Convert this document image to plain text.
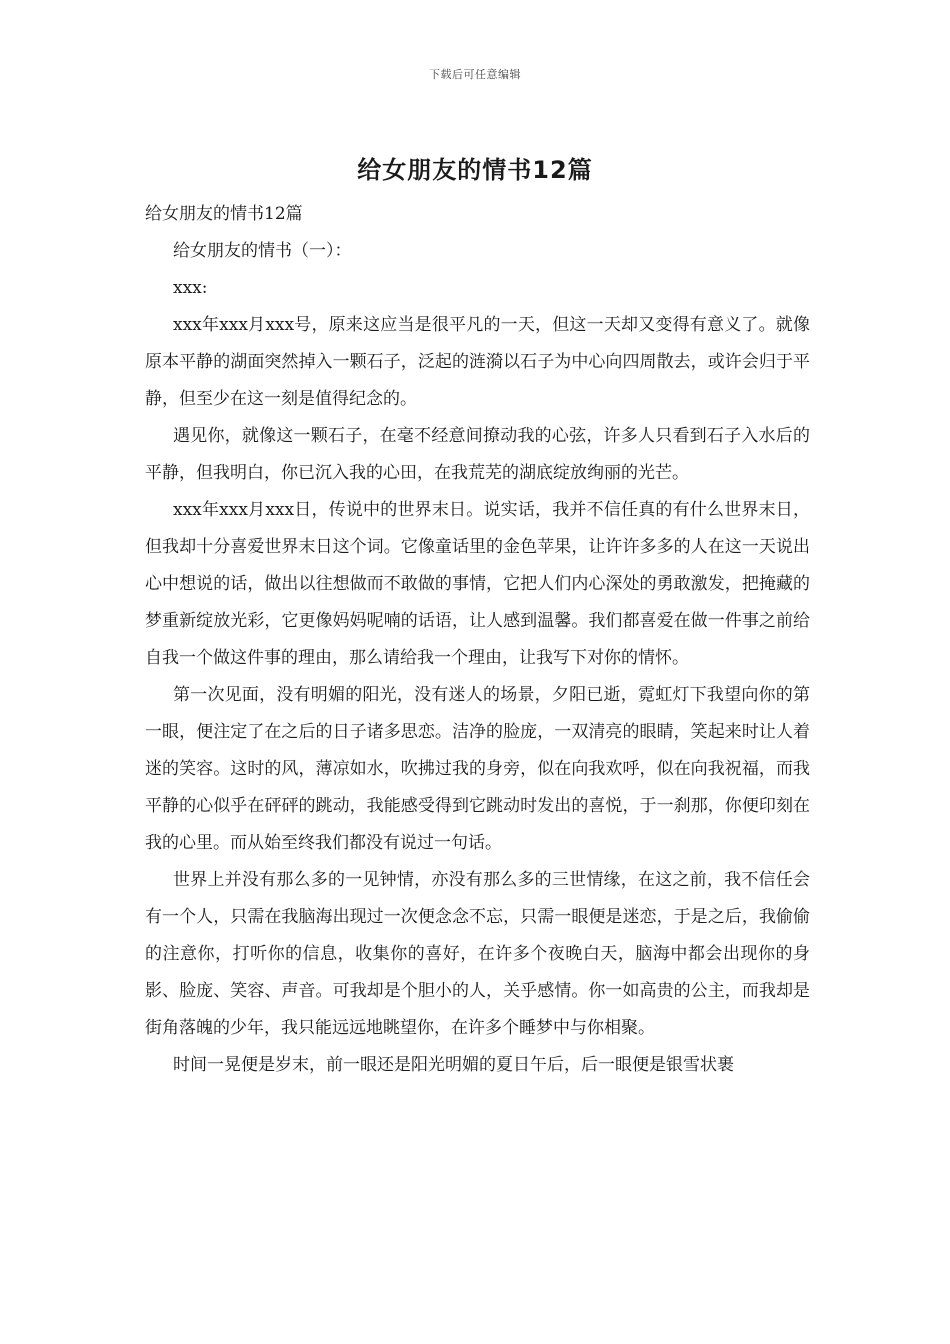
下载后可任意编辑
给女朋友的情书12篇

给女朋友的情书12篇

给女朋友的情书（一）：

xxx:

xxx年xxx月xxx号，原来这应当是很平凡的一天，但这一天却又变得有意义了。就像原本平静的湖面突然掉入一颗石子，泛起的涟漪以石子为中心向四周散去，或许会归于平静，但至少在这一刻是值得纪念的。

遇见你，就像这一颗石子，在毫不经意间撩动我的心弦，许多人只看到石子入水后的平静，但我明白，你已沉入我的心田，在我荒芜的湖底绽放绚丽的光芒。

xxx年xxx月xxx日，传说中的世界末日。说实话，我并不信任真的有什么世界末日，但我却十分喜爱世界末日这个词。它像童话里的金色苹果，让许许多多的人在这一天说出心中想说的话，做出以往想做而不敢做的事情，它把人们内心深处的勇敢激发，把掩藏的梦重新绽放光彩，它更像妈妈呢喃的话语，让人感到温馨。我们都喜爱在做一件事之前给自我一个做这件事的理由，那么请给我一个理由，让我写下对你的情怀。

第一次见面，没有明媚的阳光，没有迷人的场景，夕阳已逝，霓虹灯下我望向你的第一眼，便注定了在之后的日子诸多思恋。洁净的脸庞，一双清亮的眼睛，笑起来时让人着迷的笑容。这时的风，薄凉如水，吹拂过我的身旁，似在向我欢呼，似在向我祝福，而我平静的心似乎在砰砰的跳动，我能感受得到它跳动时发出的喜悦，于一刹那，你便印刻在我的心里。而从始至终我们都没有说过一句话。

世界上并没有那么多的一见钟情，亦没有那么多的三世情缘，在这之前，我不信任会有一个人，只需在我脑海出现过一次便念念不忘，只需一眼便是迷恋，于是之后，我偷偷的注意你，打听你的信息，收集你的喜好，在许多个夜晚白天，脑海中都会出现你的身影、脸庞、笑容、声音。可我却是个胆小的人，关乎感情。你一如高贵的公主，而我却是街角落魄的少年，我只能远远地眺望你，在许多个睡梦中与你相聚。

时间一晃便是岁末，前一眼还是阳光明媚的夏日午后，后一眼便是银雪状裹
